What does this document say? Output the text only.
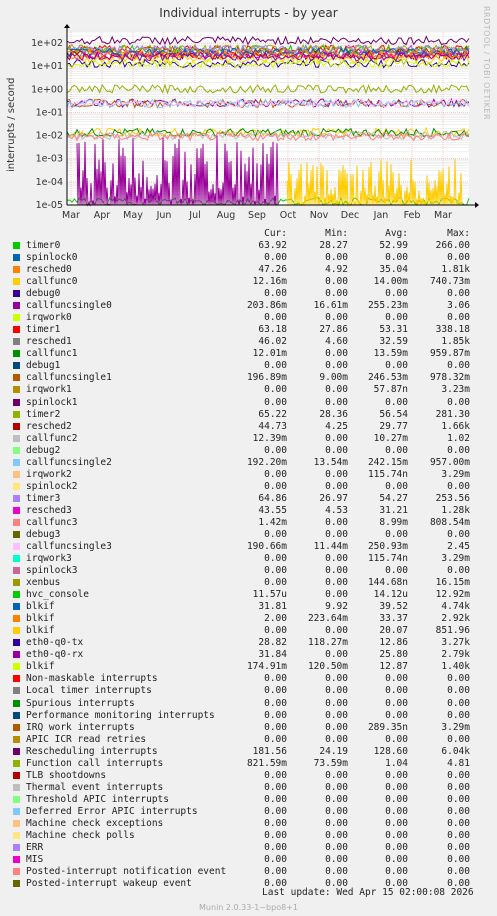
Individual interrupts - by year	RRDTOOL / TOBI OETIKER
interrupts / second
1e+02
1e+01
1e+00
1e-01
1e-02
1e-03
1e-04
1e-05
Mar Apr May Jun Jul Aug Sep Oct Nov Dec Jan Feb Mar
Cur:	Min:	Avg:	Max:
timer0	63.92	28.27	52.99	266.00
spinlock0	0.00	0.00	0.00	0.00
resched0	47.26	4.92	35.04	1.81k
callfunc0	12.16m	0.00	14.00m	740.73m
debug0	0.00	0.00	0.00	0.00
callfuncsingle0	203.86m	16.61m	255.23m	3.06
irqwork0	0.00	0.00	0.00	0.00
timer1	63.18	27.86	53.31	338.18
resched1	46.02	4.60	32.59	1.85k
callfunc1	12.01m	0.00	13.59m	959.87m
debug1	0.00	0.00	0.00	0.00
callfuncsingle1	196.89m	9.00m	246.53m	978.32m
irqwork1	0.00	0.00	57.87n	3.23m
spinlock1	0.00	0.00	0.00	0.00
timer2	65.22	28.36	56.54	281.30
resched2	44.73	4.25	29.77	1.66k
callfunc2	12.39m	0.00	10.27m	1.02
debug2	0.00	0.00	0.00	0.00
callfuncsingle2	192.20m	13.54m	242.15m	957.00m
irqwork2	0.00	0.00	115.74n	3.29m
spinlock2	0.00	0.00	0.00	0.00
timer3	64.86	26.97	54.27	253.56
resched3	43.55	4.53	31.21	1.28k
callfunc3	1.42m	0.00	8.99m	808.54m
debug3	0.00	0.00	0.00	0.00
callfuncsingle3	190.66m	11.44m	250.93m	2.45
irqwork3	0.00	0.00	115.74n	3.29m
spinlock3	0.00	0.00	0.00	0.00
xenbus	0.00	0.00	144.68n	16.15m
hvc_console	11.57u	0.00	14.12u	12.92m
blkif	31.81	9.92	39.52	4.74k
blkif	2.00	223.64m	33.37	2.92k
blkif	0.00	0.00	20.07	851.96
eth0-q0-tx	28.82	118.27m	12.86	3.27k
eth0-q0-rx	31.84	0.00	25.80	2.79k
blkif	174.91m	120.50m	12.87	1.40k
Non-maskable interrupts	0.00	0.00	0.00	0.00
Local timer interrupts	0.00	0.00	0.00	0.00
Spurious interrupts	0.00	0.00	0.00	0.00
Performance monitoring interrupts	0.00	0.00	0.00	0.00
IRQ work interrupts	0.00	0.00	289.35n	3.29m
APIC ICR read retries	0.00	0.00	0.00	0.00
Rescheduling interrupts	181.56	24.19	128.60	6.04k
Function call interrupts	821.59m	73.59m	1.04	4.81
TLB shootdowns	0.00	0.00	0.00	0.00
Thermal event interrupts	0.00	0.00	0.00	0.00
Threshold APIC interrupts	0.00	0.00	0.00	0.00
Deferred Error APIC interrupts	0.00	0.00	0.00	0.00
Machine check exceptions	0.00	0.00	0.00	0.00
Machine check polls	0.00	0.00	0.00	0.00
ERR	0.00	0.00	0.00	0.00
MIS	0.00	0.00	0.00	0.00
Posted-interrupt notification event	0.00	0.00	0.00	0.00
Posted-interrupt wakeup event	0.00	0.00	0.00	0.00
Last update: Wed Apr 15 02:00:08 2026
Munin 2.0.33-1~bpo8+1
